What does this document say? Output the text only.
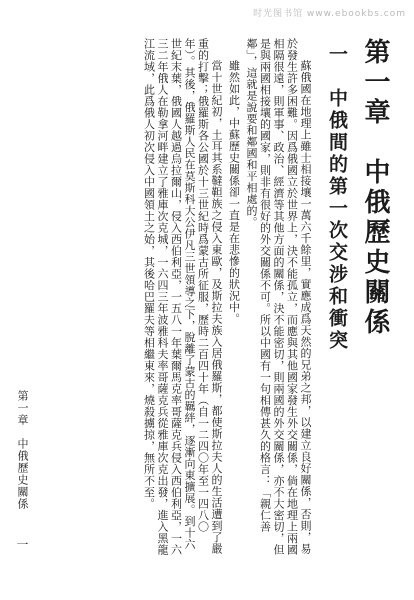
时光图书馆 www.ebookbs.com
第一章　中俄歷史關係
一　中俄間的第一次交涉和衝突
蘇俄國在地理上雖士相接壤一萬六千餘里，實應成爲天然的兄弟之邦，以建立良好關係，否則，易於發生許多困難。因爲俄國立於世界上，決不能孤立，而應與其他國家發生外交關係，倘在地理上兩國相隔很遠，則軍事、政治、經濟等其他方面的關係，決不能密切，則兩國的外交關係，亦不大密切，但是與兩國相接壤的國家，則非有很好的外交關係不可。所以中國有一句相傳甚久的格言：「親仁善鄰」，這就是說要和鄰國和平相處的。
雖然如此，中蘇歷史關係卻一直是在悲慘的狀況中。
當十世紀初，土耳其系韃靼族之侵入東歐，及斯拉夫族入居俄羅斯，都使斯拉夫人的生活遭到了嚴重的打擊；俄羅斯各公國於十三世紀時爲蒙古所征服，歷時二百四十年（自一二四〇年至一四八〇年）。其後，俄羅斯人民在莫斯科大公伊凡三世領導之下，脫離了蒙古的羈絆，逐漸向東擴展。到十六世紀末葉，俄國人越過烏拉爾山，侵入西伯利亞，一五八一年葉爾馬克率哥薩克兵侵入西伯利亞，一六三二年俄人在勒拿河畔建立了雅庫次克城，一六四三年波雅科夫率哥薩克兵從雅庫次克出發，進入黑龍江流域，此爲俄人初次侵入中國領土之始，其後哈巴羅夫等相繼東來，燒殺擄掠，無所不至。
第一章　中俄歷史關係
一
